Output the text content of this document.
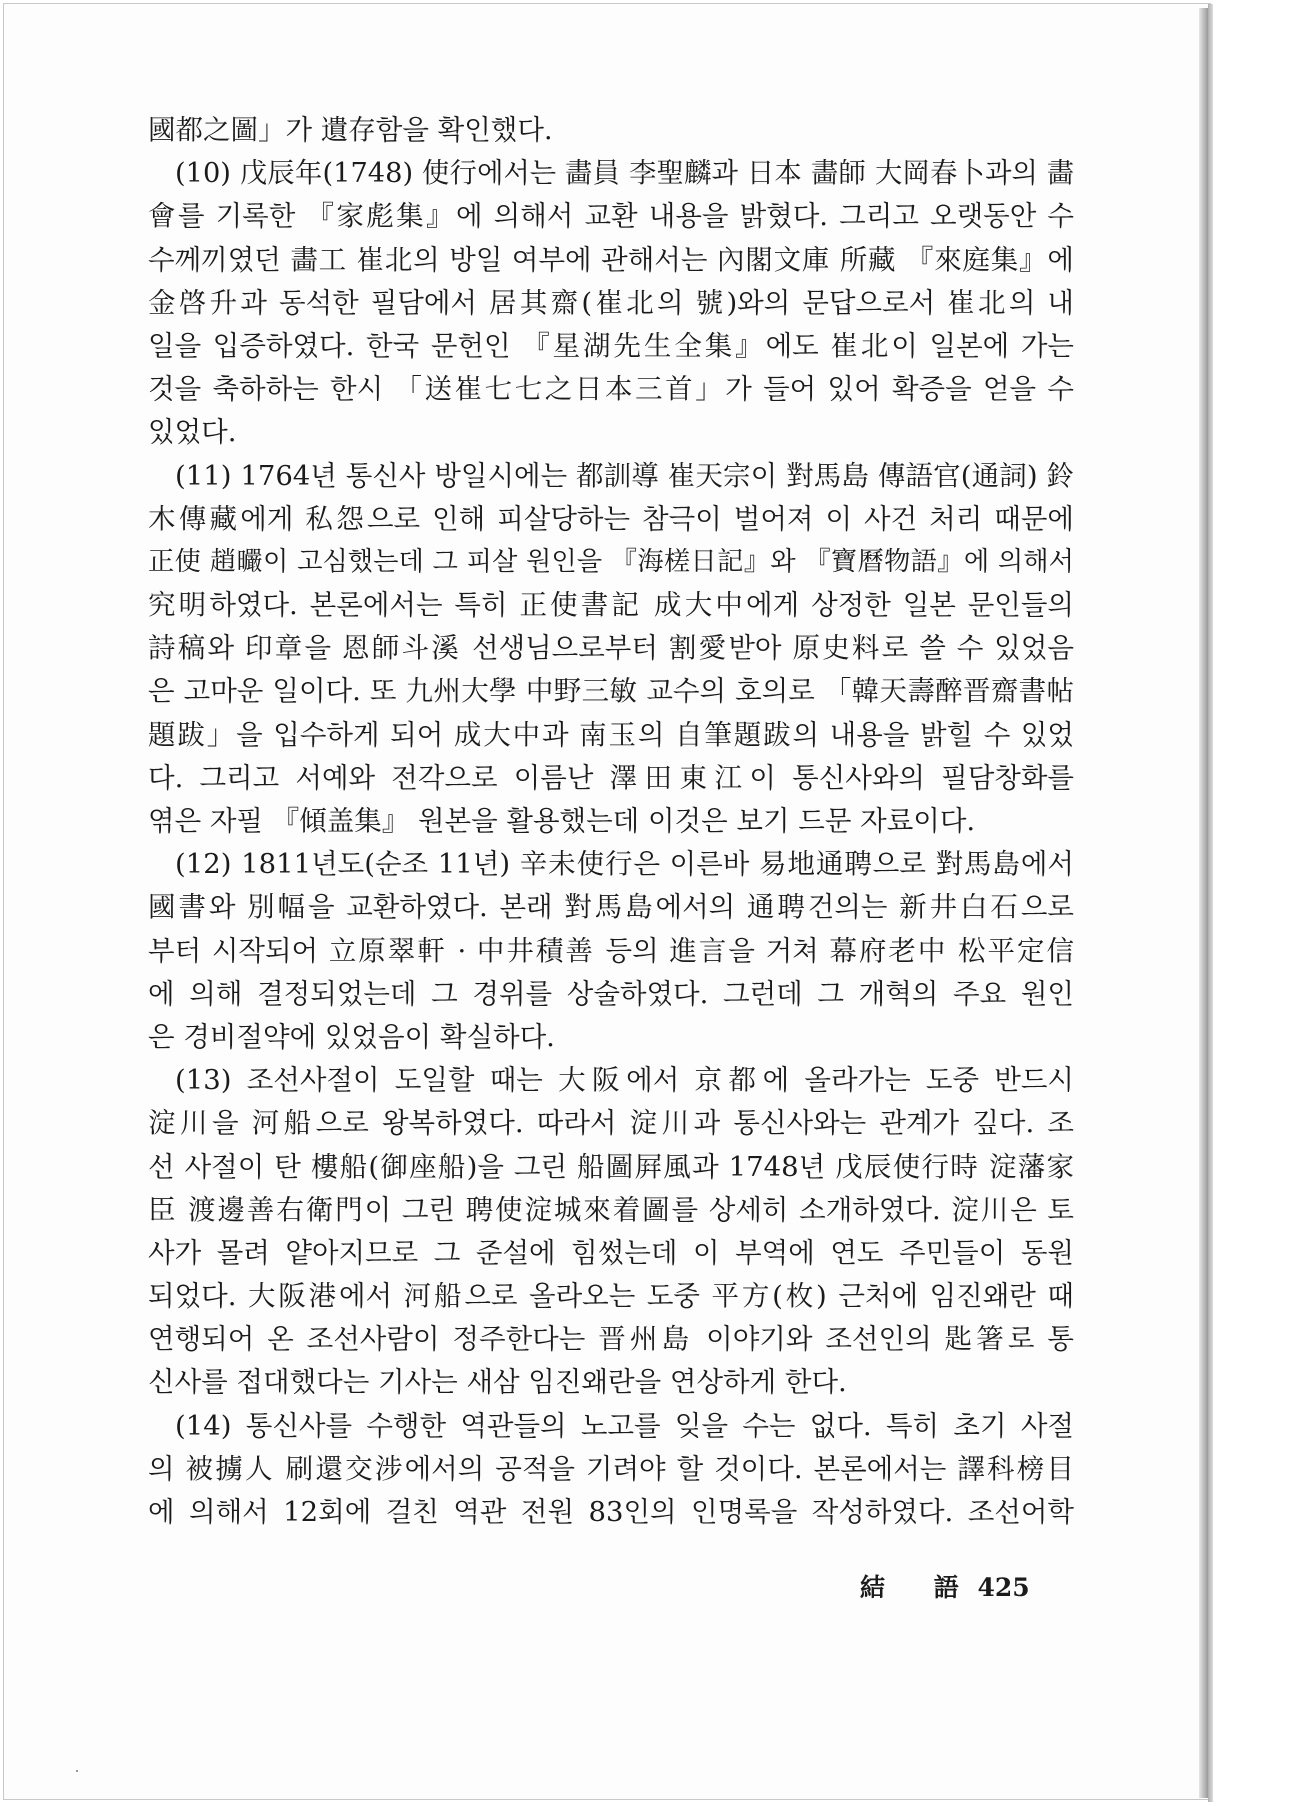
國都之圖」가 遺存함을 확인했다.
(10) 戊辰年(1748) 使行에서는 畵員 李聖麟과 日本 畵師 大岡春卜과의 畵
會를 기록한 『家彪集』에 의해서 교환 내용을 밝혔다. 그리고 오랫동안 수
수께끼였던 畵工 崔北의 방일 여부에 관해서는 內閣文庫 所藏 『來庭集』에
金啓升과 동석한 필담에서 居其齋(崔北의 號)와의 문답으로서 崔北의 내
일을 입증하였다. 한국 문헌인 『星湖先生全集』에도 崔北이 일본에 가는
것을 축하하는 한시 「送崔七七之日本三首」가 들어 있어 확증을 얻을 수
있었다.
(11) 1764년 통신사 방일시에는 都訓導 崔天宗이 對馬島 傳語官(通詞) 鈴
木傳藏에게 私怨으로 인해 피살당하는 참극이 벌어져 이 사건 처리 때문에
正使 趙曮이 고심했는데 그 피살 원인을 『海槎日記』와 『寶曆物語』에 의해서
究明하였다. 본론에서는 특히 正使書記 成大中에게 상정한 일본 문인들의
詩稿와 印章을 恩師斗溪 선생님으로부터 割愛받아 原史料로 쓸 수 있었음
은 고마운 일이다. 또 九州大學 中野三敏 교수의 호의로 「韓天壽醉晋齋書帖
題跋」을 입수하게 되어 成大中과 南玉의 自筆題跋의 내용을 밝힐 수 있었
다. 그리고 서예와 전각으로 이름난 澤田東江이 통신사와의 필담창화를
엮은 자필 『傾盖集』 원본을 활용했는데 이것은 보기 드문 자료이다.
(12) 1811년도(순조 11년) 辛未使行은 이른바 易地通聘으로 對馬島에서
國書와 別幅을 교환하였다. 본래 對馬島에서의 通聘건의는 新井白石으로
부터 시작되어 立原翠軒 · 中井積善 등의 進言을 거쳐 幕府老中 松平定信
에 의해 결정되었는데 그 경위를 상술하였다. 그런데 그 개혁의 주요 원인
은 경비절약에 있었음이 확실하다.
(13) 조선사절이 도일할 때는 大阪에서 京都에 올라가는 도중 반드시
淀川을 河船으로 왕복하였다. 따라서 淀川과 통신사와는 관계가 깊다. 조
선 사절이 탄 樓船(御座船)을 그린 船圖屛風과 1748년 戊辰使行時 淀藩家
臣 渡邊善右衛門이 그린 聘使淀城來着圖를 상세히 소개하였다. 淀川은 토
사가 몰려 얕아지므로 그 준설에 힘썼는데 이 부역에 연도 주민들이 동원
되었다. 大阪港에서 河船으로 올라오는 도중 平方(枚) 근처에 임진왜란 때
연행되어 온 조선사람이 정주한다는 晋州島 이야기와 조선인의 匙箸로 통
신사를 접대했다는 기사는 새삼 임진왜란을 연상하게 한다.
(14) 통신사를 수행한 역관들의 노고를 잊을 수는 없다. 특히 초기 사절
의 被擄人 刷還交涉에서의 공적을 기려야 할 것이다. 본론에서는 譯科榜目
에 의해서 12회에 걸친 역관 전원 83인의 인명록을 작성하였다. 조선어학
結 語 425
